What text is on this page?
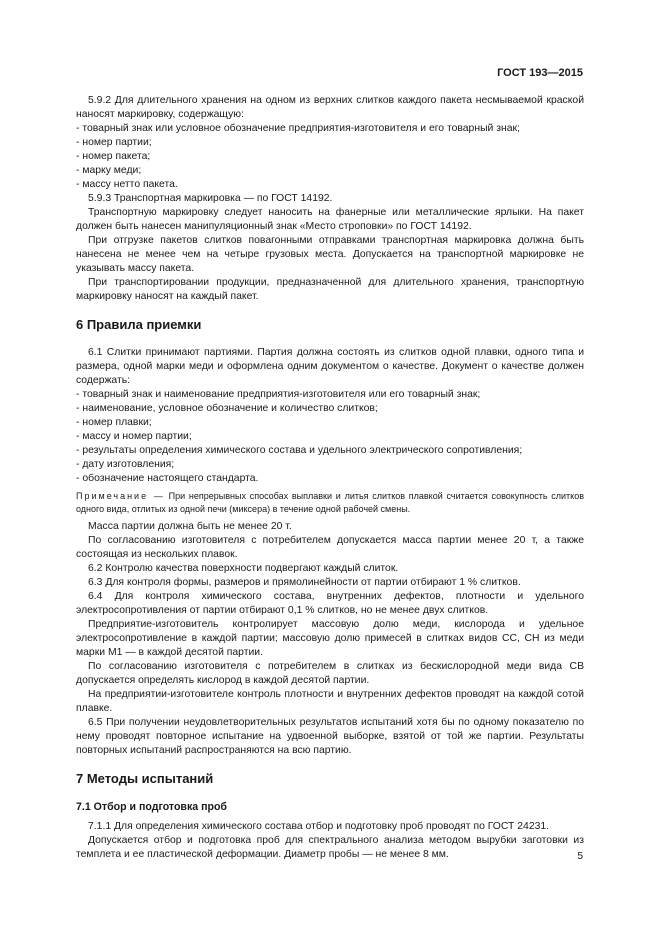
ГОСТ 193—2015

5.9.2 Для длительного хранения на одном из верхних слитков каждого пакета несмываемой краской наносят маркировку, содержащую:

- товарный знак или условное обозначение предприятия-изготовителя и его товарный знак;

- номер партии;

- номер пакета;

- марку меди;

- массу нетто пакета.

5.9.3 Транспортная маркировка — по ГОСТ 14192.

Транспортную маркировку следует наносить на фанерные или металлические ярлыки. На пакет должен быть нанесен манипуляционный знак «Место строповки» по ГОСТ 14192.

При отгрузке пакетов слитков повагонными отправками транспортная маркировка должна быть нанесена не менее чем на четыре грузовых места. Допускается на транспортной маркировке не указывать массу пакета.

При транспортировании продукции, предназначенной для длительного хранения, транспортную маркировку наносят на каждый пакет.

6 Правила приемки

6.1 Слитки принимают партиями. Партия должна состоять из слитков одной плавки, одного типа и размера, одной марки меди и оформлена одним документом о качестве. Документ о качестве должен содержать:

- товарный знак и наименование предприятия-изготовителя или его товарный знак;

- наименование, условное обозначение и количество слитков;

- номер плавки;

- массу и номер партии;

- результаты определения химического состава и удельного электрического сопротивления;

- дату изготовления;

- обозначение настоящего стандарта.

Примечание — При непрерывных способах выплавки и литья слитков плавкой считается совокупность слитков одного вида, отлитых из одной печи (миксера) в течение одной рабочей смены.

Масса партии должна быть не менее 20 т.

По согласованию изготовителя с потребителем допускается масса партии менее 20 т, а также состоящая из нескольких плавок.

6.2 Контролю качества поверхности подвергают каждый слиток.

6.3 Для контроля формы, размеров и прямолинейности от партии отбирают 1 % слитков.

6.4 Для контроля химического состава, внутренних дефектов, плотности и удельного электросопротивления от партии отбирают 0,1 % слитков, но не менее двух слитков.

Предприятие-изготовитель контролирует массовую долю меди, кислорода и удельное электросопротивление в каждой партии; массовую долю примесей в слитках видов СС, СН из меди марки М1 — в каждой десятой партии.

По согласованию изготовителя с потребителем в слитках из бескислородной меди вида СВ допускается определять кислород в каждой десятой партии.

На предприятии-изготовителе контроль плотности и внутренних дефектов проводят на каждой сотой плавке.

6.5 При получении неудовлетворительных результатов испытаний хотя бы по одному показателю по нему проводят повторное испытание на удвоенной выборке, взятой от той же партии. Результаты повторных испытаний распространяются на всю партию.

7 Методы испытаний
7.1 Отбор и подготовка проб

7.1.1 Для определения химического состава отбор и подготовку проб проводят по ГОСТ 24231.

Допускается отбор и подготовка проб для спектрального анализа методом вырубки заготовки из темплета и ее пластической деформации. Диаметр пробы — не менее 8 мм.	5
